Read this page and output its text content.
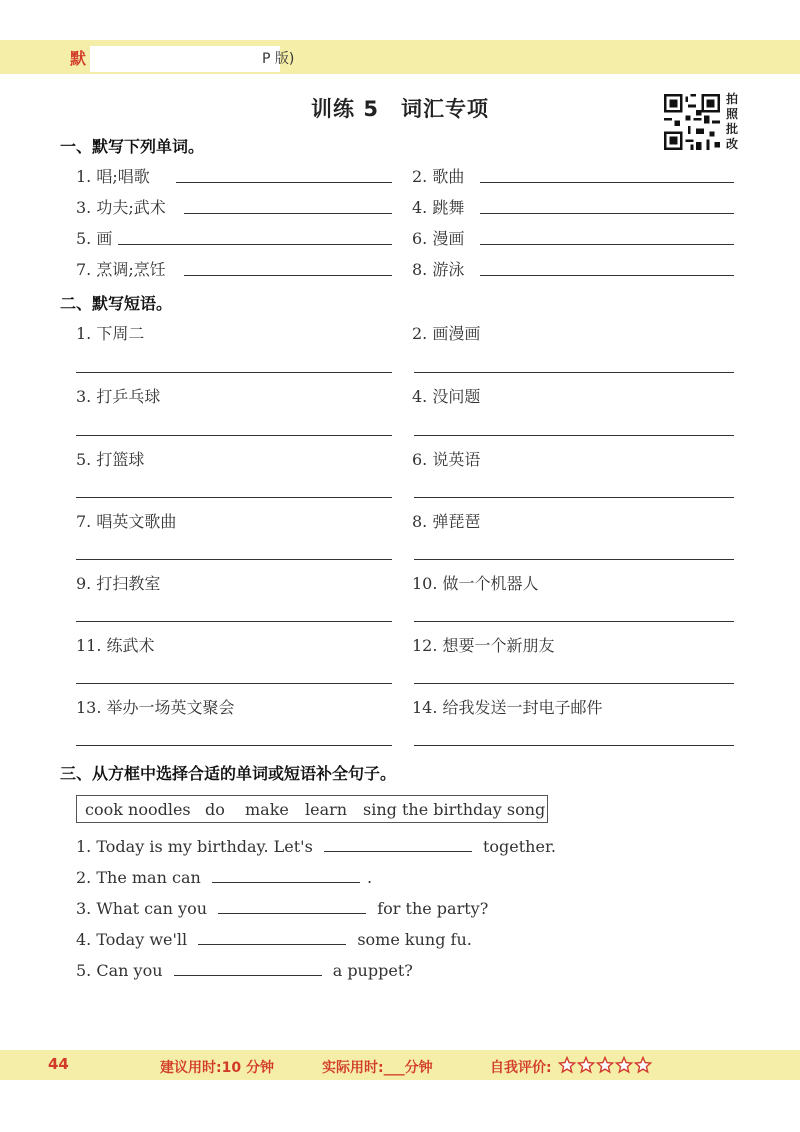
默	P 版)
训练 5　词汇专项	拍
照
批
改
一、默写下列单词。
1. 唱;唱歌	2. 歌曲
3. 功夫;武术	4. 跳舞
5. 画	6. 漫画
7. 烹调;烹饪	8. 游泳
二、默写短语。
1. 下周二	2. 画漫画
3. 打乒乓球	4. 没问题
5. 打篮球	6. 说英语
7. 唱英文歌曲	8. 弹琵琶
9. 打扫教室	10. 做一个机器人
11. 练武术	12. 想要一个新朋友
13. 举办一场英文聚会	14. 给我发送一封电子邮件
三、从方框中选择合适的单词或短语补全句子。
cook noodles do make learn sing the birthday song
1. Today is my birthday. Let's	together.
2. The man can	.
3. What can you	for the party?
4. Today we'll	some kung fu.
5. Can you	a puppet?
44	建议用时:10 分钟	实际用时:___分钟	自我评价:
